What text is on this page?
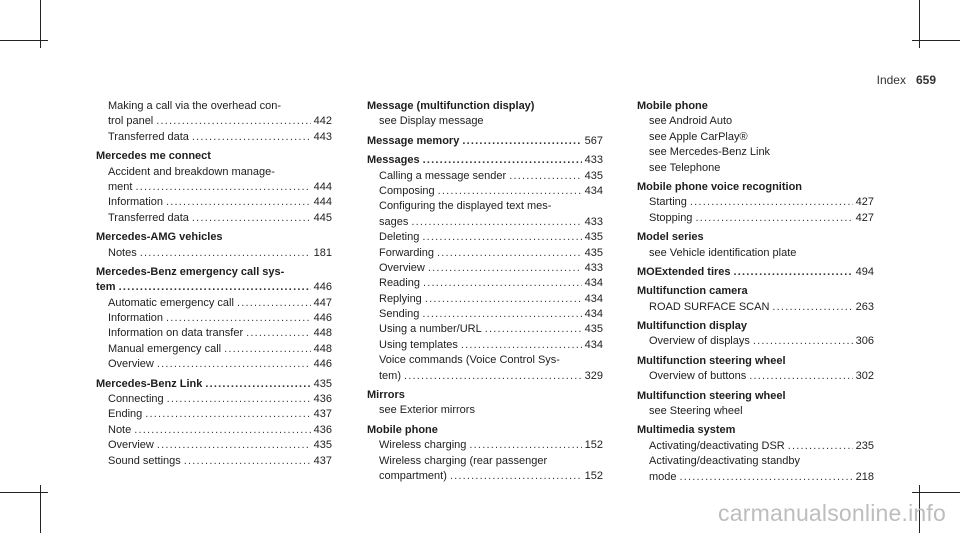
Index 659
Making a call via the overhead con-
trol panel .....	442
Transferred data .....	443
Mercedes me connect
Accident and breakdown manage-
ment .....	444
Information .....	444
Transferred data .....	445
Mercedes-AMG vehicles
Notes .....	181
Mercedes-Benz emergency call sys-
tem .....	446
Automatic emergency call .....	447
Information .....	446
Information on data transfer .....	448
Manual emergency call .....	448
Overview .....	446
Mercedes-Benz Link .....	435
Connecting .....	436
Ending .....	437
Note .....	436
Overview .....	435
Sound settings .....	437
Message (multifunction display)
see Display message
Message memory .....	567
Messages .....	433
Calling a message sender .....	435
Composing .....	434
Configuring the displayed text mes-
sages .....	433
Deleting .....	435
Forwarding .....	435
Overview .....	433
Reading .....	434
Replying .....	434
Sending .....	434
Using a number/URL .....	435
Using templates .....	434
Voice commands (Voice Control Sys-
tem) .....	329
Mirrors
see Exterior mirrors
Mobile phone
Wireless charging .....	152
Wireless charging (rear passenger
compartment) .....	152
Mobile phone
see Android Auto
see Apple CarPlay®
see Mercedes-Benz Link
see Telephone
Mobile phone voice recognition
Starting .....	427
Stopping .....	427
Model series
see Vehicle identification plate
MOExtended tires .....	494
Multifunction camera
ROAD SURFACE SCAN .....	263
Multifunction display
Overview of displays .....	306
Multifunction steering wheel
Overview of buttons .....	302
Multifunction steering wheel
see Steering wheel
Multimedia system
Activating/deactivating DSR .....	235
Activating/deactivating standby
mode .....	218
carmanualsonline.info
